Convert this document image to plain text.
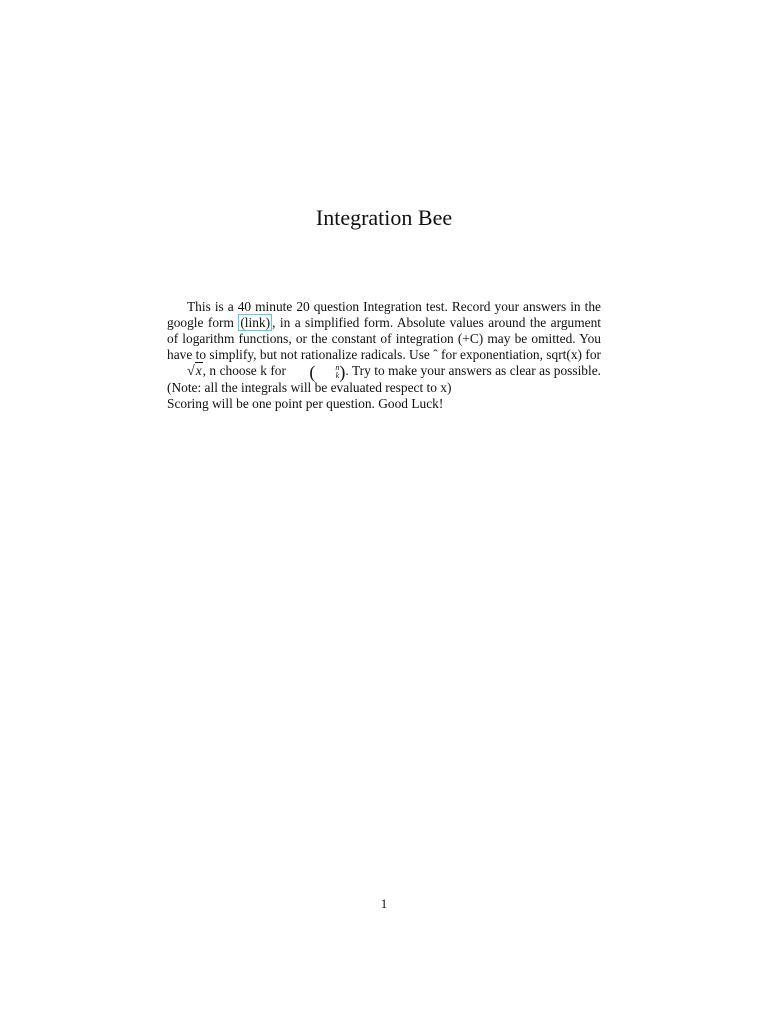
Integration Bee

This is a 40 minute 20 question Integration test. Record your answers in the google form (link) , in a simplified form. Absolute values around the argument of logarithm functions, or the constant of integration (+C) may be omitted. You have to simplify, but not rationalize radicals. Use ˆ for exponentiation, sqrt(x) for √x, n choose k for (	n
k ). Try to make your answers as clear as possible. (Note: all the integrals will be evaluated respect to x)

Scoring will be one point per question. Good Luck!

1
